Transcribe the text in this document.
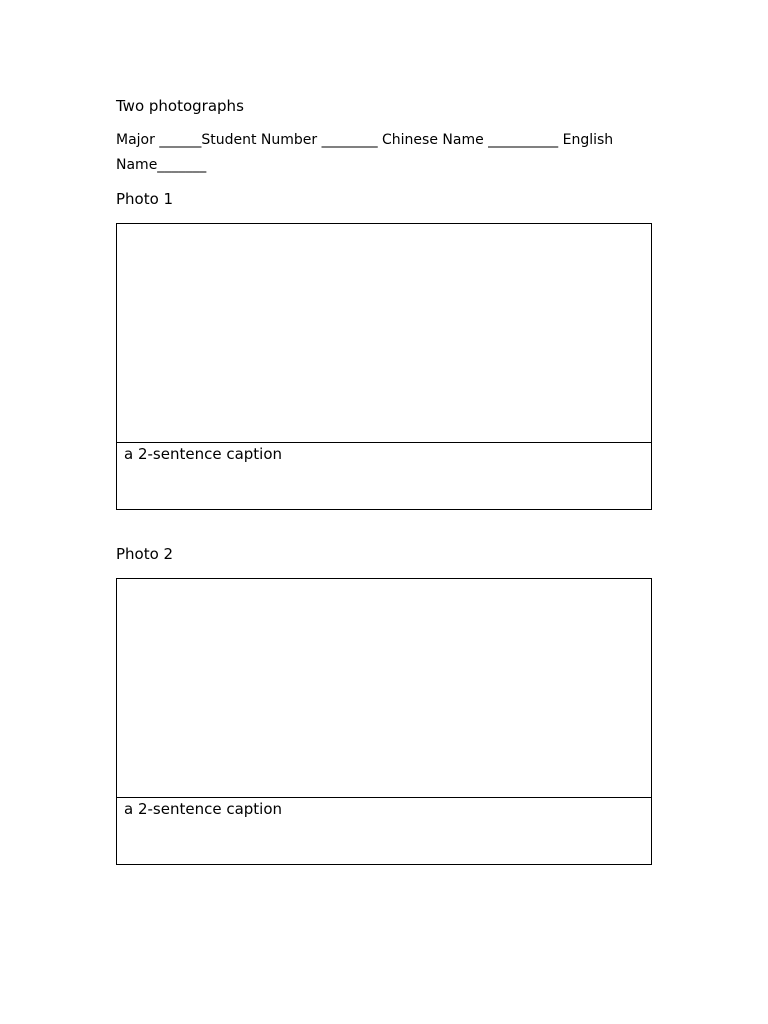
Two photographs
Major ______Student Number ________ Chinese Name __________ English
Name_______
Photo 1
a 2-sentence caption
Photo 2
a 2-sentence caption
